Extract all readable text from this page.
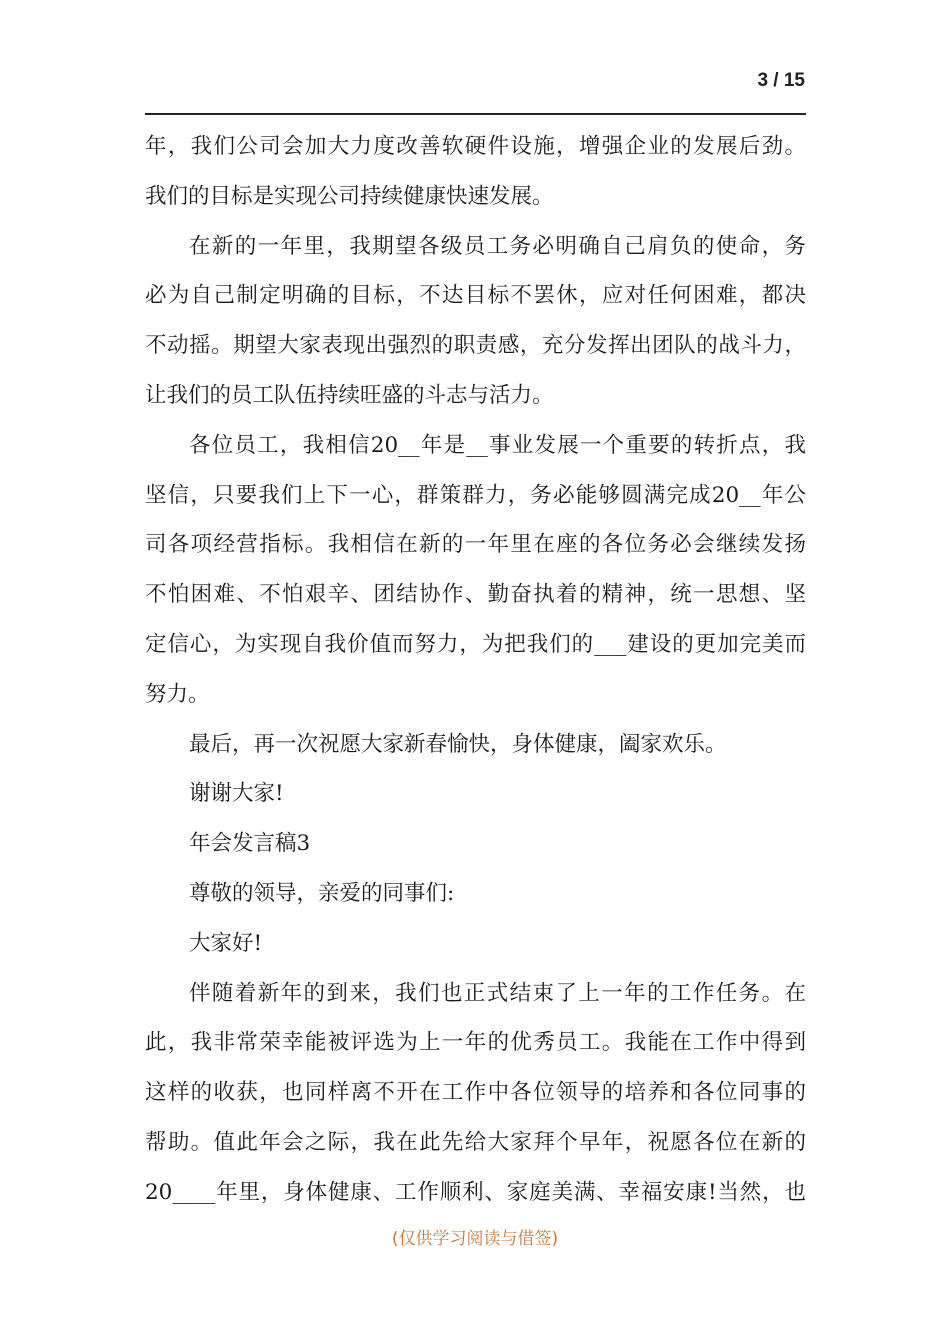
3 / 15
年，我们公司会加大力度改善软硬件设施，增强企业的发展后劲。
我们的目标是实现公司持续健康快速发展。
在新的一年里，我期望各级员工务必明确自己肩负的使命，务
必为自己制定明确的目标，不达目标不罢休，应对任何困难，都决
不动摇。期望大家表现出强烈的职责感，充分发挥出团队的战斗力，
让我们的员工队伍持续旺盛的斗志与活力。
各位员工，我相信20__年是__事业发展一个重要的转折点，我
坚信，只要我们上下一心，群策群力，务必能够圆满完成20__年公
司各项经营指标。我相信在新的一年里在座的各位务必会继续发扬
不怕困难、不怕艰辛、团结协作、勤奋执着的精神，统一思想、坚
定信心，为实现自我价值而努力，为把我们的___建设的更加完美而
努力。
最后，再一次祝愿大家新春愉快，身体健康，阖家欢乐。
谢谢大家!
年会发言稿3
尊敬的领导，亲爱的同事们:
大家好!
伴随着新年的到来，我们也正式结束了上一年的工作任务。在
此，我非常荣幸能被评选为上一年的优秀员工。我能在工作中得到
这样的收获，也同样离不开在工作中各位领导的培养和各位同事的
帮助。值此年会之际，我在此先给大家拜个早年，祝愿各位在新的
20____年里，身体健康、工作顺利、家庭美满、幸福安康!当然，也
(仅供学习阅读与借签)
